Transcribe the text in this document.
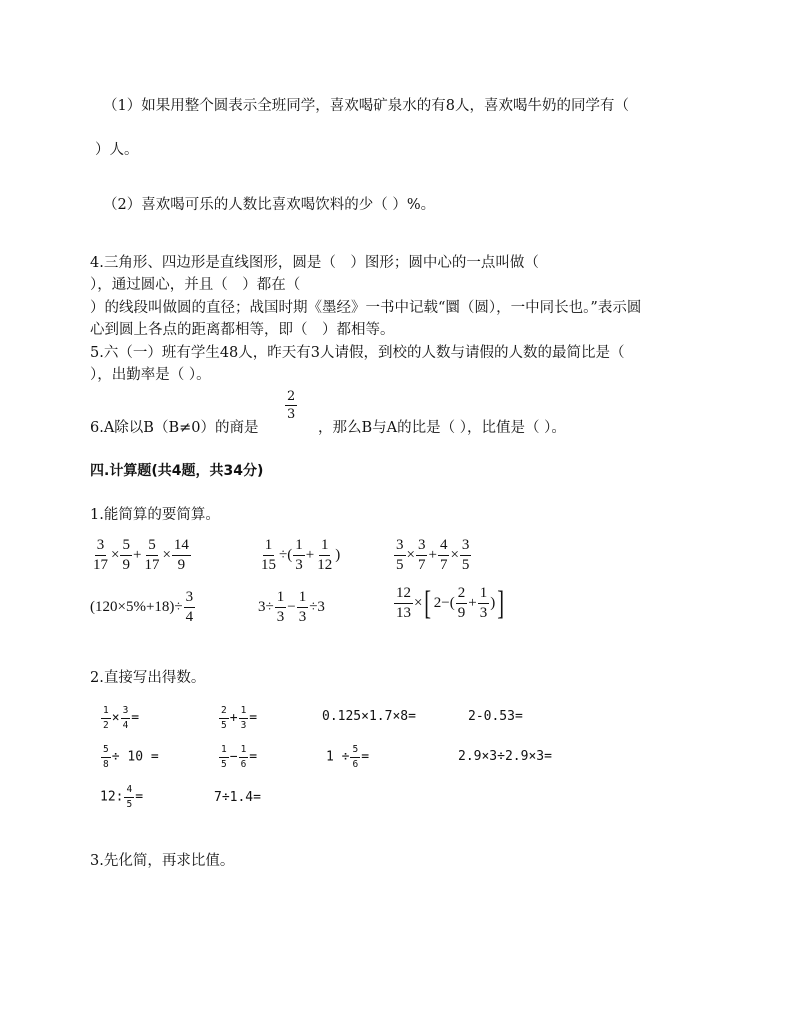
（1）如果用整个圆表示全班同学，喜欢喝矿泉水的有8人，喜欢喝牛奶的同学有（
）人。
（2）喜欢喝可乐的人数比喜欢喝饮料的少（ ）%。
4.三角形、四边形是直线图形，圆是（　）图形；圆中心的一点叫做（
），通过圆心，并且（　）都在（
）的线段叫做圆的直径；战国时期《墨经》一书中记载“圜（圆），一中同长也。”表示圆
心到圆上各点的距离都相等，即（　）都相等。
5.六（一）班有学生48人，昨天有3人请假，到校的人数与请假的人数的最简比是（
），出勤率是（ ）。
6.A除以B（B≠0）的商是
$\frac{2}{3}$
，那么B与A的比是（ ），比值是（ ）。
四.计算题(共4题，共34分)
1.能简算的要简算。
$\frac{3}{17} \times \frac{5}{9} + \frac{5}{17} \times \frac{14}{9}$	$\frac{1}{15}$ ÷( $\frac{1}{3} + \frac{1}{12}$ )	$\frac{3}{5} \times \frac{3}{7} + \frac{4}{7} \times \frac{3}{5}$
$(120\times 5\%+18)\div \frac{3}{4}$	$3\div \frac{1}{3} - \frac{1}{3} \div 3$	$\frac{12}{13}$ ×[ $2-( \frac{2}{9} + \frac{1}{3}$ )]
2.直接写出得数。
$\frac{1}{2} \times \frac{3}{4}$ =	$\frac{2}{5} + \frac{1}{3}$ =	0.125×1.7×8=	2-0.53=
$\frac{5}{8} \div 10$ =	$\frac{1}{5} - \frac{1}{6}$ =	$1 \div \frac{5}{6}$ =	2.9×3÷2.9×3=
12: $\frac{4}{5}$ =	7÷1.4=
3.先化简，再求比值。
